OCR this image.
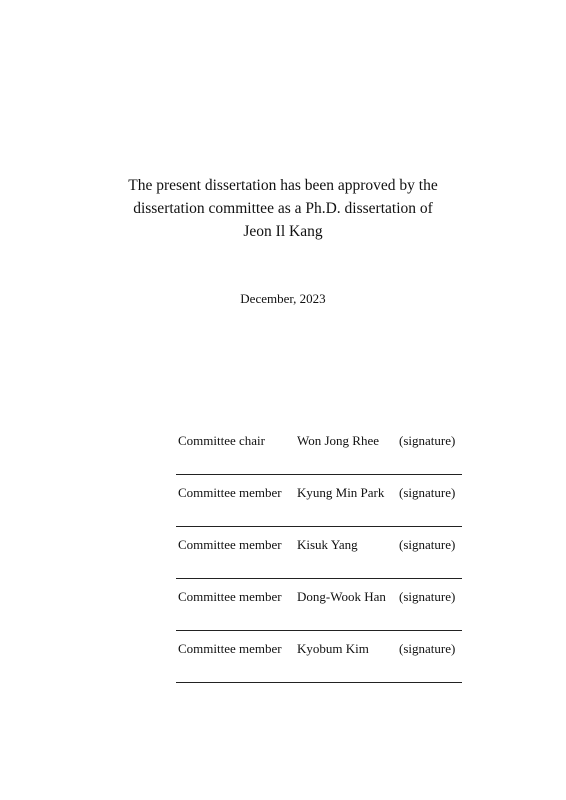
The present dissertation has been approved by the
dissertation committee as a Ph.D. dissertation of
Jeon Il Kang
December, 2023
Committee chair Won Jong Rhee (signature)
Committee member Kyung Min Park (signature)
Committee member Kisuk Yang	(signature)
Committee member Dong-Wook Han (signature)
Committee member Kyobum Kim (signature)
